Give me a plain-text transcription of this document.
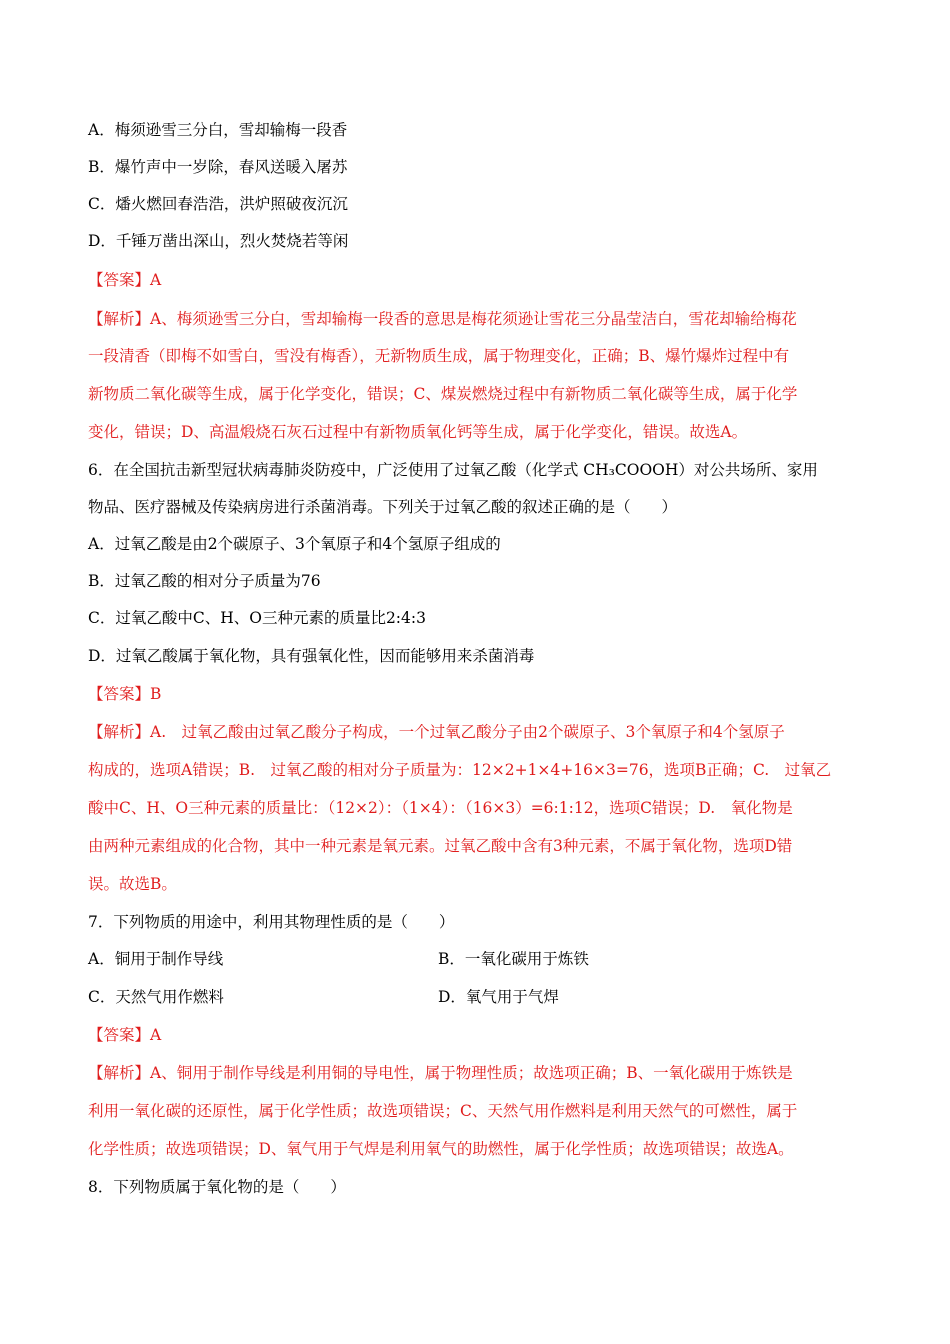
A．梅须逊雪三分白，雪却输梅一段香
B．爆竹声中一岁除，春风送暖入屠苏
C．燔火燃回春浩浩，洪炉照破夜沉沉
D．千锤万凿出深山，烈火焚烧若等闲
【答案】A
【解析】A、梅须逊雪三分白，雪却输梅一段香的意思是梅花须逊让雪花三分晶莹洁白，雪花却输给梅花
一段清香（即梅不如雪白，雪没有梅香），无新物质生成，属于物理变化，正确；B、爆竹爆炸过程中有
新物质二氧化碳等生成，属于化学变化，错误；C、煤炭燃烧过程中有新物质二氧化碳等生成，属于化学
变化，错误；D、高温煅烧石灰石过程中有新物质氧化钙等生成，属于化学变化，错误。故选A。
6．在全国抗击新型冠状病毒肺炎防疫中，广泛使用了过氧乙酸（化学式 CH₃COOOH）对公共场所、家用
物品、医疗器械及传染病房进行杀菌消毒。下列关于过氧乙酸的叙述正确的是（　　）
A．过氧乙酸是由2个碳原子、3个氧原子和4个氢原子组成的
B．过氧乙酸的相对分子质量为76
C．过氧乙酸中C、H、O三种元素的质量比2:4:3
D．过氧乙酸属于氧化物，具有强氧化性，因而能够用来杀菌消毒
【答案】B
【解析】A.　过氧乙酸由过氧乙酸分子构成，一个过氧乙酸分子由2个碳原子、3个氧原子和4个氢原子
构成的，选项A错误；B.　过氧乙酸的相对分子质量为：12×2+1×4+16×3=76，选项B正确；C.　过氧乙
酸中C、H、O三种元素的质量比：（12×2）：（1×4）：（16×3）=6:1:12，选项C错误；D.　氧化物是
由两种元素组成的化合物，其中一种元素是氧元素。过氧乙酸中含有3种元素，不属于氧化物，选项D错
误。故选B。
7．下列物质的用途中，利用其物理性质的是（　　）
A．铜用于制作导线	B．一氧化碳用于炼铁
C．天然气用作燃料	D．氧气用于气焊
【答案】A
【解析】A、铜用于制作导线是利用铜的导电性，属于物理性质；故选项正确；B、一氧化碳用于炼铁是
利用一氧化碳的还原性，属于化学性质；故选项错误；C、天然气用作燃料是利用天然气的可燃性，属于
化学性质；故选项错误；D、氧气用于气焊是利用氧气的助燃性，属于化学性质；故选项错误；故选A。
8．下列物质属于氧化物的是（　　）
